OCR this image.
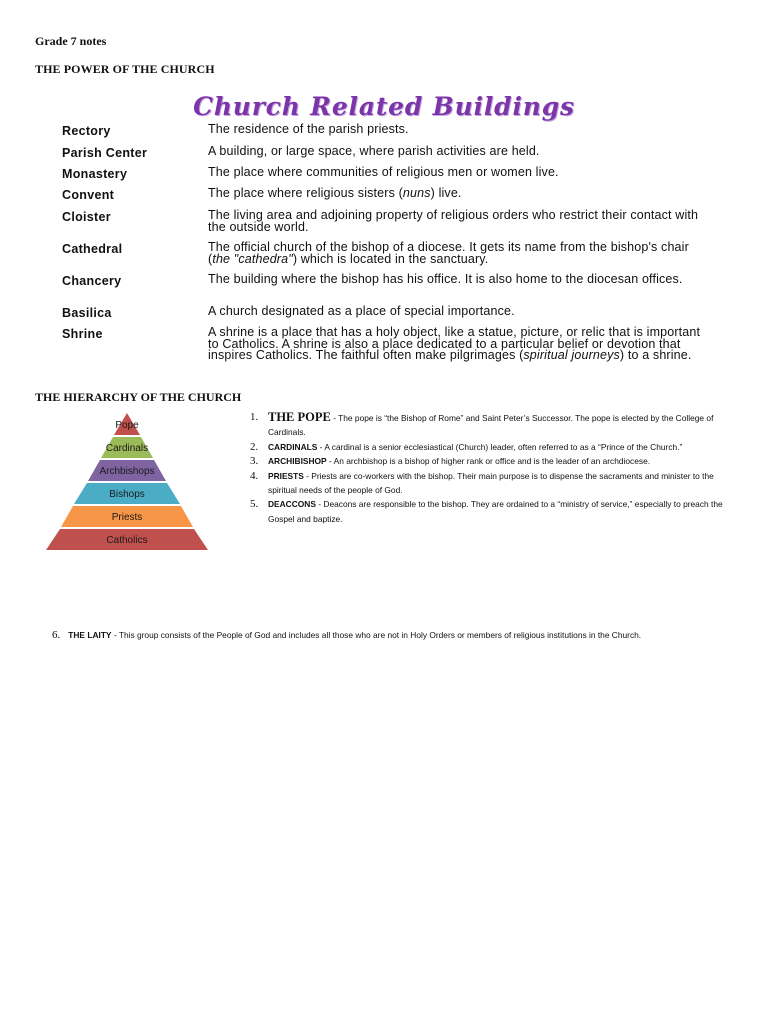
Grade 7 notes
THE POWER OF THE CHURCH
Church Related Buildings
Rectory	The residence of the parish priests.
Parish Center	A building, or large space, where parish activities are held.
Monastery	The place where communities of religious men or women live.
Convent	The place where religious sisters (nuns) live.
Cloister	The living area and adjoining property of religious orders who restrict their contact with the outside world.
Cathedral	The official church of the bishop of a diocese. It gets its name from the bishop's chair (the "cathedra") which is located in the sanctuary.
Chancery	The building where the bishop has his office. It is also home to the diocesan offices.
Basilica	A church designated as a place of special importance.
Shrine	A shrine is a place that has a holy object, like a statue, picture, or relic that is important to Catholics. A shrine is also a place dedicated to a particular belief or devotion that inspires Catholics. The faithful often make pilgrimages (spiritual journeys) to a shrine.
THE HIERARCHY OF THE CHURCH
Pope
Cardinals
Archbishops
Bishops
Priests
Catholics
1. THE POPE - The pope is “the Bishop of Rome” and Saint Peter’s Successor. The pope is elected by the College of Cardinals.
2. CARDINALS - A cardinal is a senior ecclesiastical (Church) leader, often referred to as a “Prince of the Church.”
3. ARCHIBISHOP - An archbishop is a bishop of higher rank or office and is the leader of an archdiocese.
4. PRIESTS - Priests are co-workers with the bishop. Their main purpose is to dispense the sacraments and minister to the spiritual needs of the people of God.
5. DEACCONS - Deacons are responsible to the bishop. They are ordained to a “ministry of service,” especially to preach the Gospel and baptize.
6. THE LAITY - This group consists of the People of God and includes all those who are not in Holy Orders or members of religious institutions in the Church.
